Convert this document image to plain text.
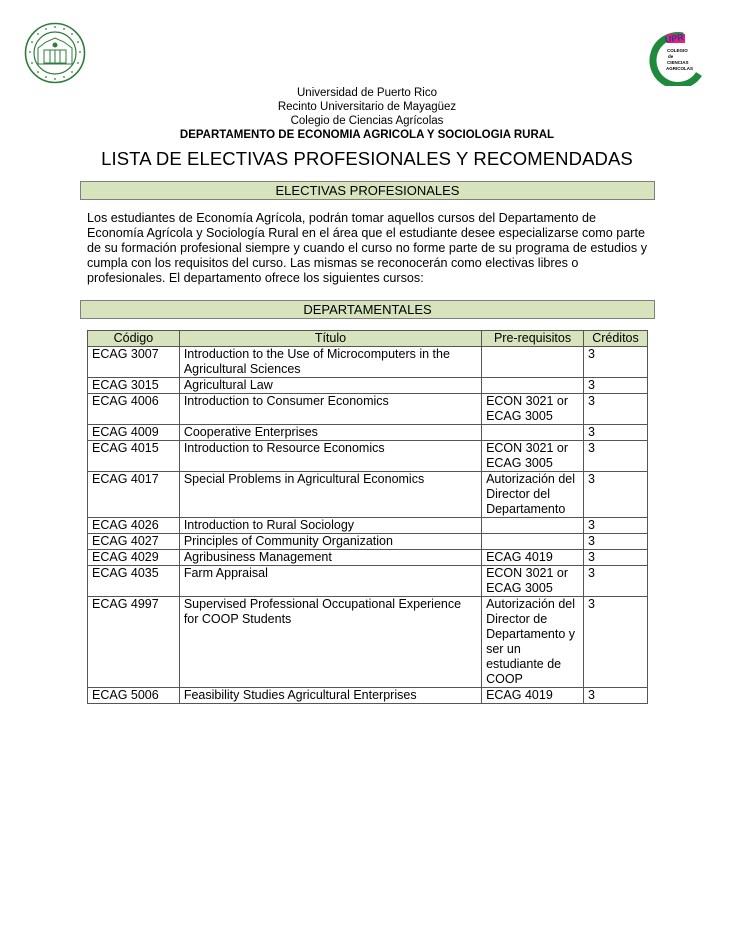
UPR
COLEGIO
de
CIENCIAS
AGRICOLAS
Universidad de Puerto Rico
Recinto Universitario de Mayagüez
Colegio de Ciencias Agrícolas
DEPARTAMENTO DE ECONOMIA AGRICOLA Y SOCIOLOGIA RURAL
LISTA DE ELECTIVAS PROFESIONALES Y RECOMENDADAS
ELECTIVAS PROFESIONALES

Los estudiantes de Economía Agrícola, podrán tomar aquellos cursos del Departamento de Economía Agrícola y Sociología Rural en el área que el estudiante desee especializarse como parte de su formación profesional siempre y cuando el curso no forme parte de su programa de estudios y cumpla con los requisitos del curso. Las mismas se reconocerán como electivas libres o profesionales. El departamento ofrece los siguientes cursos:

DEPARTAMENTALES
Código	Título	Pre-requisitos	Créditos
ECAG 3007	Introduction to the Use of Microcomputers in the Agricultural Sciences		3
ECAG 3015	Agricultural Law		3
ECAG 4006	Introduction to Consumer Economics	ECON 3021 or ECAG 3005	3
ECAG 4009	Cooperative Enterprises		3
ECAG 4015	Introduction to Resource Economics	ECON 3021 or ECAG 3005	3
ECAG 4017	Special Problems in Agricultural Economics	Autorización del Director del Departamento	3
ECAG 4026	Introduction to Rural Sociology		3
ECAG 4027	Principles of Community Organization		3
ECAG 4029	Agribusiness Management	ECAG 4019	3
ECAG 4035	Farm Appraisal	ECON 3021 or ECAG 3005	3
ECAG 4997	Supervised Professional Occupational Experience for COOP Students	Autorización del Director de Departamento y ser un estudiante de COOP	3
ECAG 5006	Feasibility Studies Agricultural Enterprises	ECAG 4019	3
